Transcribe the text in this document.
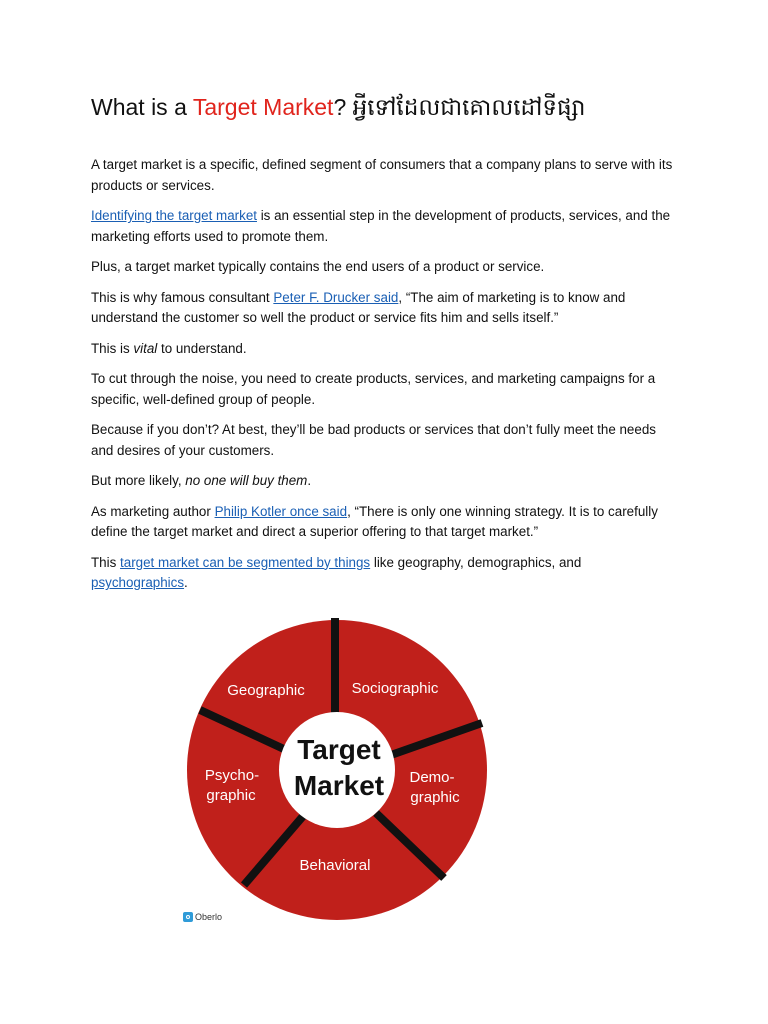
What is a Target Market? អ្វីទៅដែលជាគោលដៅទីផ្សា

A target market is a specific, defined segment of consumers that a company plans to serve with its products or services.

Identifying the target market is an essential step in the development of products, services, and the marketing efforts used to promote them.

Plus, a target market typically contains the end users of a product or service.

This is why famous consultant Peter F. Drucker said, “The aim of marketing is to know and understand the customer so well the product or service fits him and sells itself.”

This is vital to understand.

To cut through the noise, you need to create products, services, and marketing campaigns for a specific, well-defined group of people.

Because if you don’t? At best, they’ll be bad products or services that don’t fully meet the needs and desires of your customers.

But more likely, no one will buy them.

As marketing author Philip Kotler once said, “There is only one winning strategy. It is to carefully define the target market and direct a superior offering to that target market.”

This target market can be segmented by things like geography, demographics, and psychographics.

Target
Market
Geographic	Sociographic
Demo-
graphic
Behavioral
Psycho-
graphic
Oberlo
